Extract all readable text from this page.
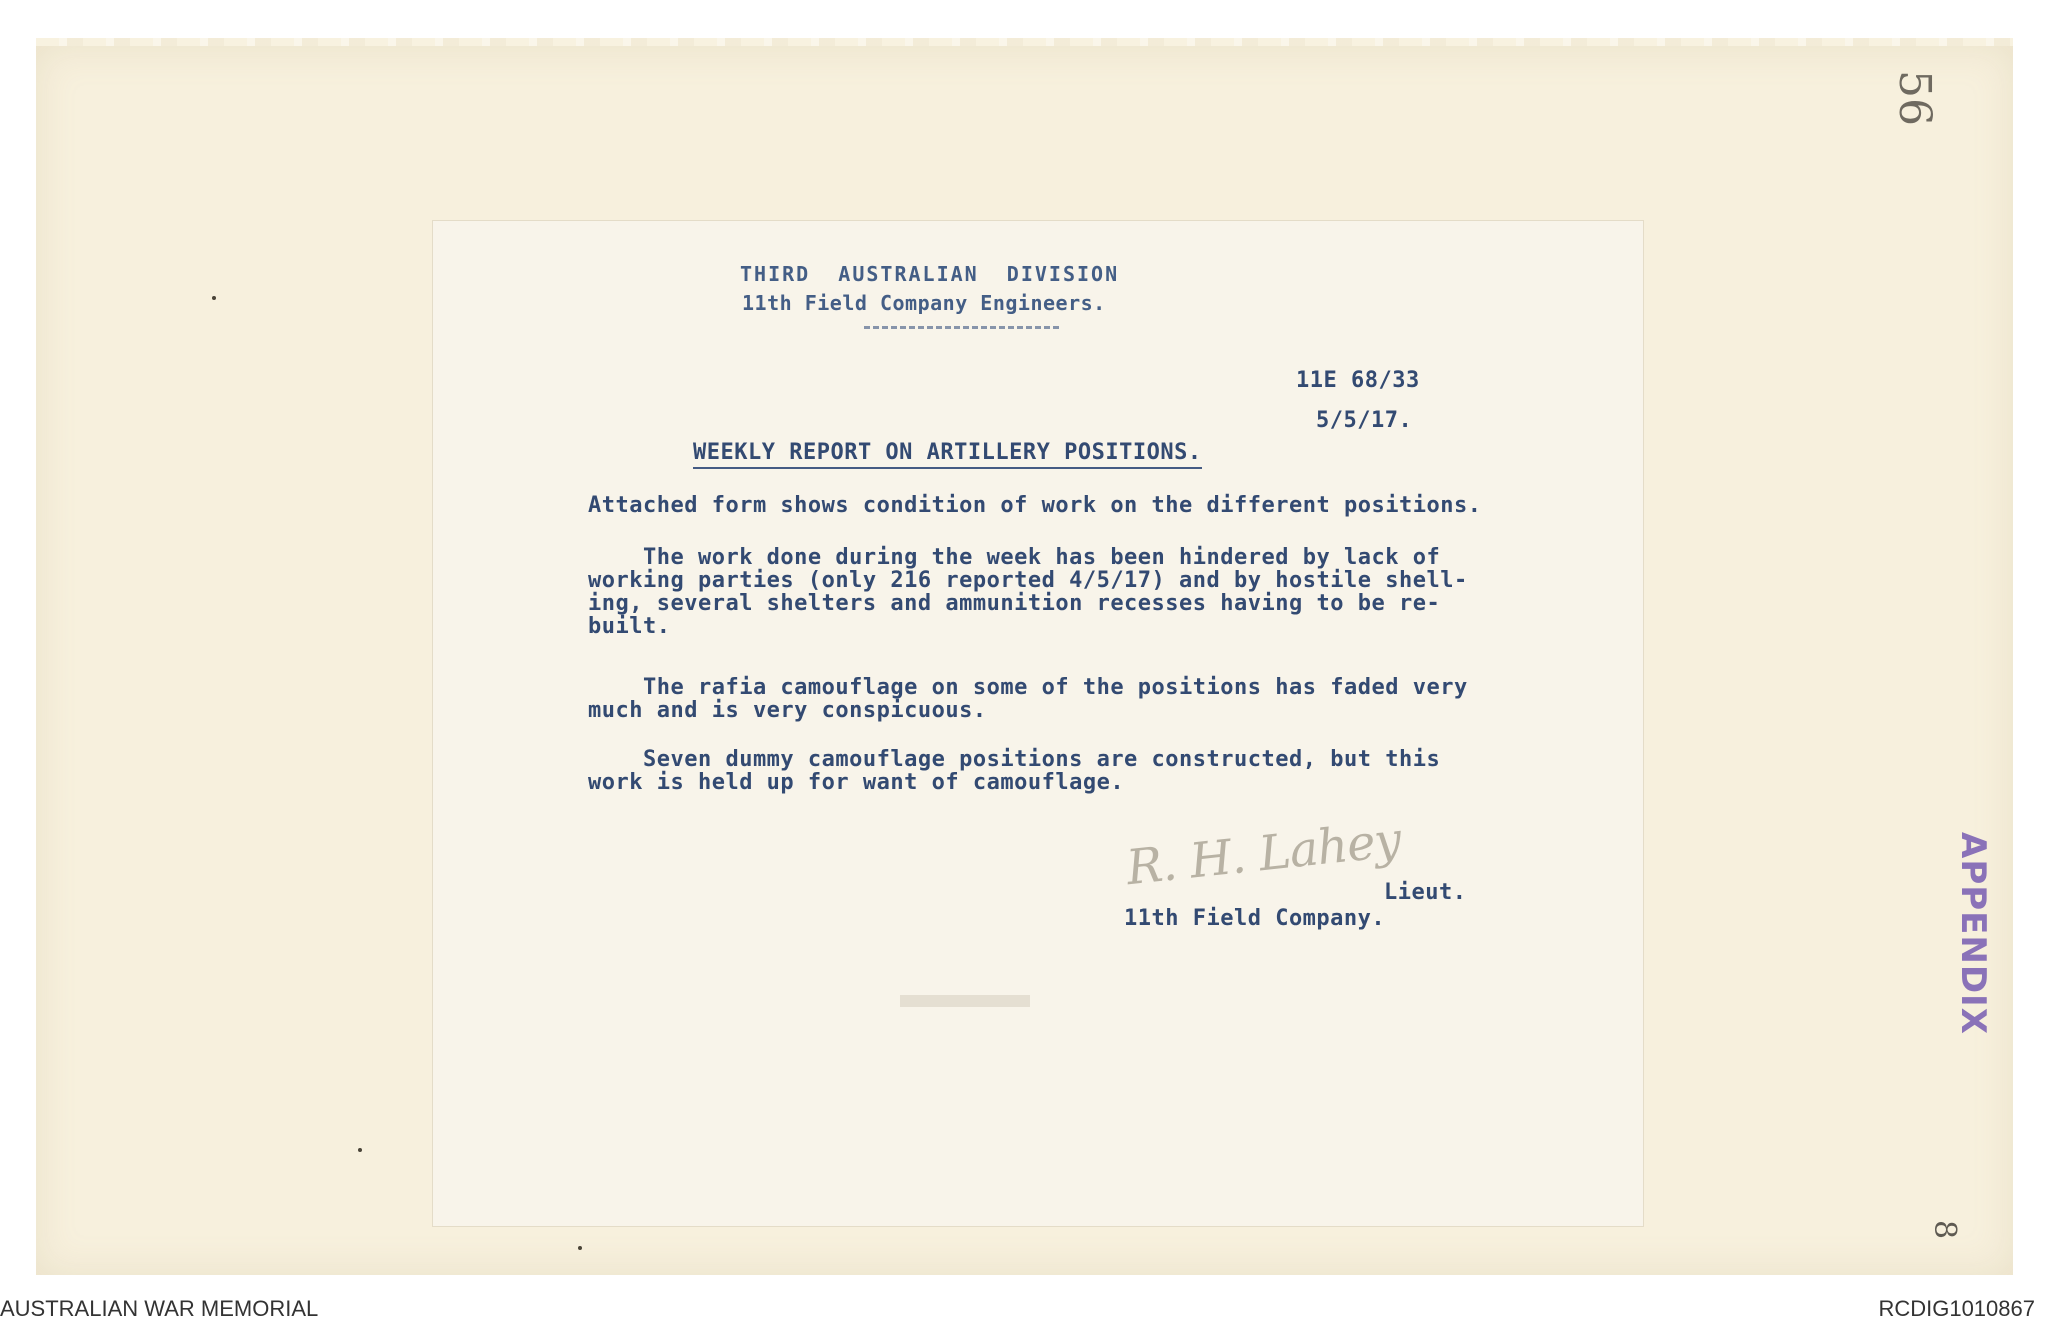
56
THIRD  AUSTRALIAN  DIVISION
11th Field Company Engineers.
11E 68/33
5/5/17.
WEEKLY REPORT ON ARTILLERY POSITIONS.
Attached form shows condition of work on the different positions.
The work done during the week has been hindered by lack of
working parties (only 216 reported 4/5/17) and by hostile shell-
ing, several shelters and ammunition recesses having to be re-
built.
The rafia camouflage on some of the positions has faded very
much and is very conspicuous.
Seven dummy camouflage positions are constructed, but this
work is held up for want of camouflage.
R. H. Lahey
Lieut.
11th Field Company.	APPENDIX
8
AUSTRALIAN WAR MEMORIAL	RCDIG1010867
